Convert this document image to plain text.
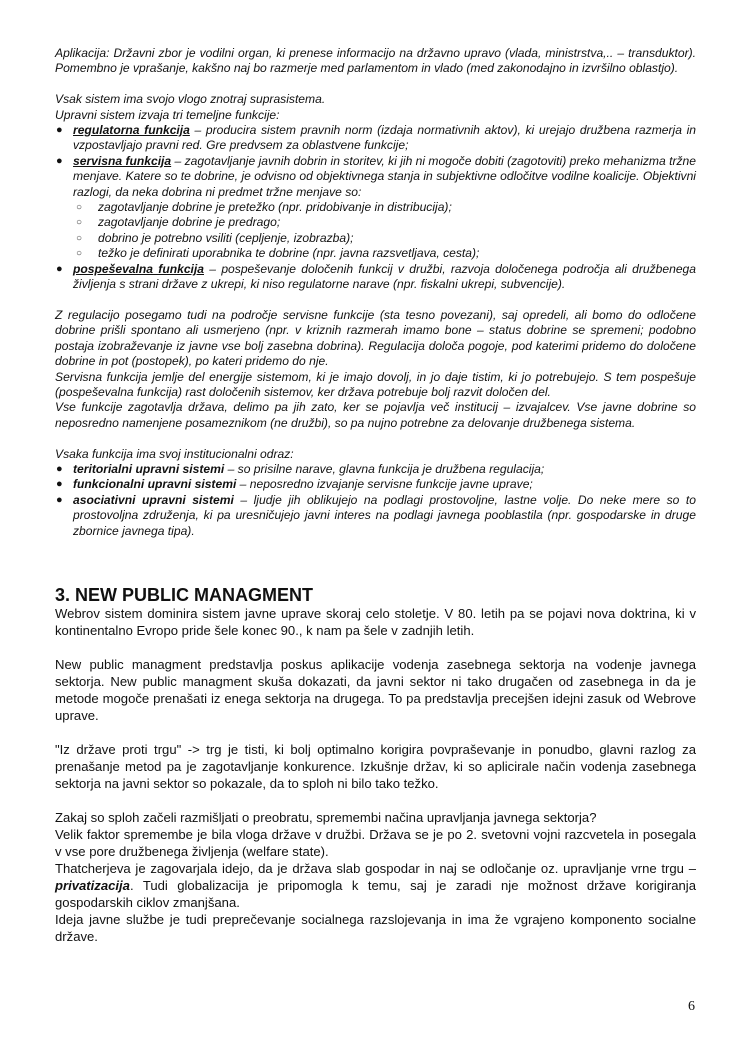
Aplikacija: Državni zbor je vodilni organ, ki prenese informacijo na državno upravo (vlada, ministrstva,.. – transduktor). Pomembno je vprašanje, kakšno naj bo razmerje med parlamentom in vlado (med zakonodajno in izvršilno oblastjo).

Vsak sistem ima svojo vlogo znotraj suprasistema.

Upravni sistem izvaja tri temeljne funkcije:

● regulatorna funkcija – producira sistem pravnih norm (izdaja normativnih aktov), ki urejajo družbena razmerja in vzpostavljajo pravni red. Gre predvsem za oblastvene funkcije;
● servisna funkcija – zagotavljanje javnih dobrin in storitev, ki jih ni mogoče dobiti (zagotoviti) preko mehanizma tržne menjave. Katere so te dobrine, je odvisno od objektivnega stanja in subjektivne odločitve vodilne koalicije. Objektivni razlogi, da neka dobrina ni predmet tržne menjave so:
○ zagotavljanje dobrine je pretežko (npr. pridobivanje in distribucija);
○ zagotavljanje dobrine je predrago;
○ dobrino je potrebno vsiliti (cepljenje, izobrazba);
○ težko je definirati uporabnika te dobrine (npr. javna razsvetljava, cesta);
● pospeševalna funkcija – pospeševanje določenih funkcij v družbi, razvoja določenega področja ali družbenega življenja s strani države z ukrepi, ki niso regulatorne narave (npr. fiskalni ukrepi, subvencije).

Z regulacijo posegamo tudi na področje servisne funkcije (sta tesno povezani), saj opredeli, ali bomo do odločene dobrine prišli spontano ali usmerjeno (npr. v kriznih razmerah imamo bone – status dobrine se spremeni; podobno postaja izobraževanje iz javne vse bolj zasebna dobrina). Regulacija določa pogoje, pod katerimi pridemo do določene dobrine in pot (postopek), po kateri pridemo do nje.

Servisna funkcija jemlje del energije sistemom, ki je imajo dovolj, in jo daje tistim, ki jo potrebujejo. S tem pospešuje (pospeševalna funkcija) rast določenih sistemov, ker država potrebuje bolj razvit določen del.

Vse funkcije zagotavlja država, delimo pa jih zato, ker se pojavlja več institucij – izvajalcev. Vse javne dobrine so neposredno namenjene posameznikom (ne družbi), so pa nujno potrebne za delovanje družbenega sistema.

Vsaka funkcija ima svoj institucionalni odraz:

● teritorialni upravni sistemi – so prisilne narave, glavna funkcija je družbena regulacija;
● funkcionalni upravni sistemi – neposredno izvajanje servisne funkcije javne uprave;
● asociativni upravni sistemi – ljudje jih oblikujejo na podlagi prostovoljne, lastne volje. Do neke mere so to prostovoljna združenja, ki pa uresničujejo javni interes na podlagi javnega pooblastila (npr. gospodarske in druge zbornice javnega tipa).
3. NEW PUBLIC MANAGMENT

Webrov sistem dominira sistem javne uprave skoraj celo stoletje. V 80. letih pa se pojavi nova doktrina, ki v kontinentalno Evropo pride šele konec 90., k nam pa šele v zadnjih letih.

New public managment predstavlja poskus aplikacije vodenja zasebnega sektorja na vodenje javnega sektorja. New public managment skuša dokazati, da javni sektor ni tako drugačen od zasebnega in da je metode mogoče prenašati iz enega sektorja na drugega. To pa predstavlja precejšen idejni zasuk od Webrove uprave.

"Iz države proti trgu" -> trg je tisti, ki bolj optimalno korigira povpraševanje in ponudbo, glavni razlog za prenašanje metod pa je zagotavljanje konkurence. Izkušnje držav, ki so aplicirale način vodenja zasebnega sektorja na javni sektor so pokazale, da to sploh ni bilo tako težko.

Zakaj so sploh začeli razmišljati o preobratu, spremembi načina upravljanja javnega sektorja?

Velik faktor spremembe je bila vloga države v družbi. Država se je po 2. svetovni vojni razcvetela in posegala v vse pore družbenega življenja (welfare state).

Thatcherjeva je zagovarjala idejo, da je država slab gospodar in naj se odločanje oz. upravljanje vrne trgu – privatizacija. Tudi globalizacija je pripomogla k temu, saj je zaradi nje možnost države korigiranja gospodarskih ciklov zmanjšana.

Ideja javne službe je tudi preprečevanje socialnega razslojevanja in ima že vgrajeno komponento socialne države.

6
